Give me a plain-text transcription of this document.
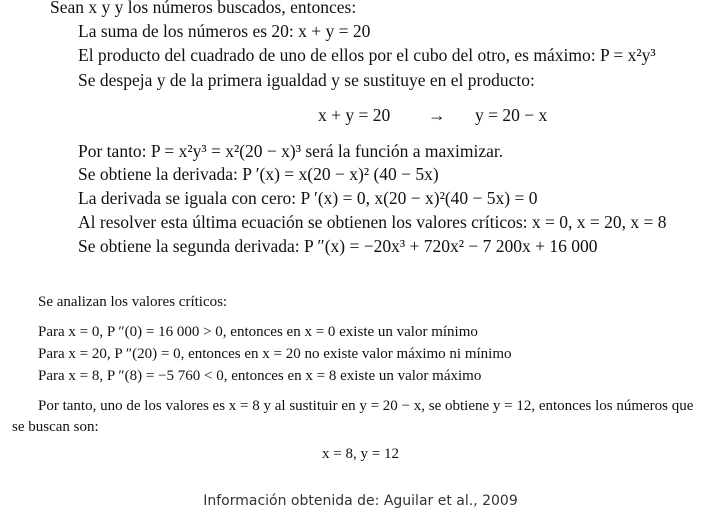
Sean x y y los números buscados, entonces:
La suma de los números es 20: x + y = 20
El producto del cuadrado de uno de ellos por el cubo del otro, es máximo: P = x²y³
Se despeja y de la primera igualdad y se sustituye en el producto:
x + y = 20 → y = 20 − x
Por tanto: P = x²y³ = x²(20 − x)³ será la función a maximizar.
Se obtiene la derivada: P ′(x) = x(20 − x)² (40 − 5x)
La derivada se iguala con cero: P ′(x) = 0, x(20 − x)²(40 − 5x) = 0
Al resolver esta última ecuación se obtienen los valores críticos: x = 0, x = 20, x = 8
Se obtiene la segunda derivada: P ″(x) = −20x³ + 720x² − 7 200x + 16 000
Se analizan los valores críticos:
Para x = 0, P ″(0) = 16 000 > 0, entonces en x = 0 existe un valor mínimo
Para x = 20, P ″(20) = 0, entonces en x = 20 no existe valor máximo ni mínimo
Para x = 8, P ″(8) = −5 760 < 0, entonces en x = 8 existe un valor máximo
Por tanto, uno de los valores es x = 8 y al sustituir en y = 20 − x, se obtiene y = 12, entonces los números que
se buscan son:
x = 8, y = 12
Información obtenida de: Aguilar et al., 2009
